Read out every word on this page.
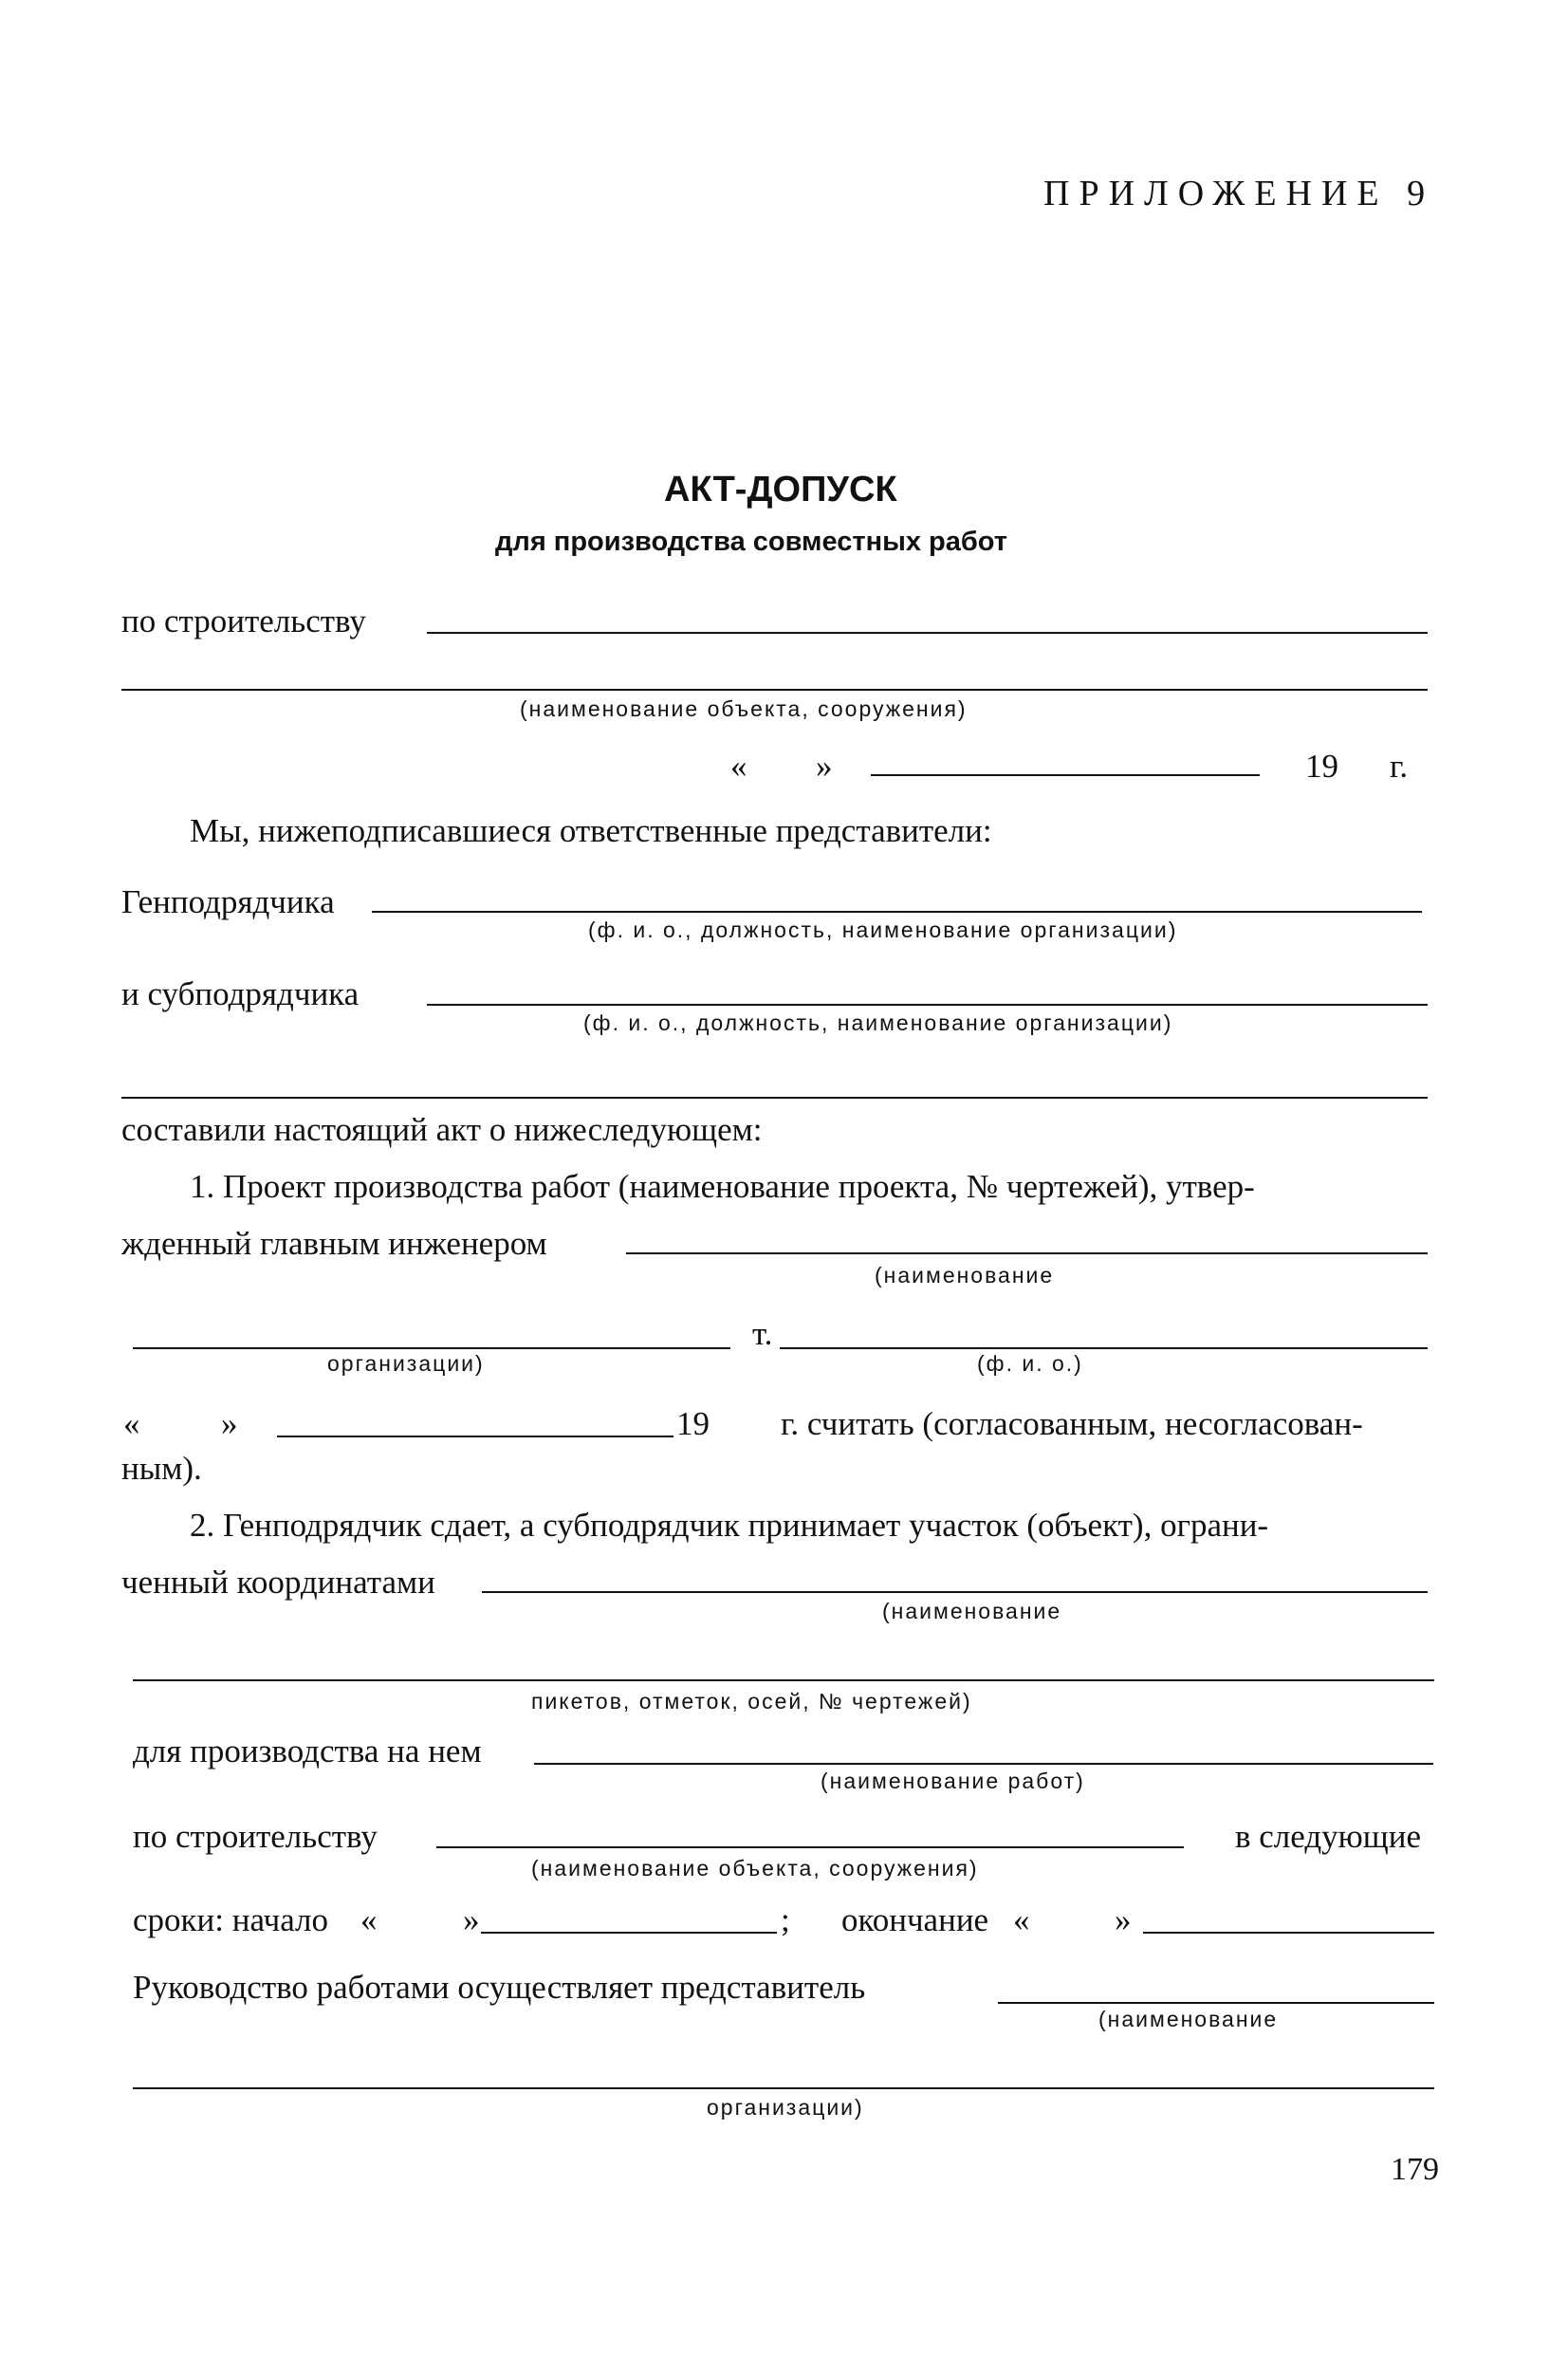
ПРИЛОЖЕНИЕ 9
АКТ-ДОПУСК
для производства совместных работ
по строительству
(наименование объекта, сооружения)
« »	19 г.
Мы, нижеподписавшиеся ответственные представители:
Генподрядчика
(ф. и. о., должность, наименование организации)
и субподрядчика
(ф. и. о., должность, наименование организации)
составили настоящий акт о нижеследующем:
1. Проект производства работ (наименование проекта, № чертежей), утвер-
жденный главным инженером
(наименование
т.
организации)	(ф. и. о.)
« »	19 г. считать (согласованным, несогласован-
ным).
2. Генподрядчик сдает, а субподрядчик принимает участок (объект), ограни-
ченный координатами
(наименование
пикетов, отметок, осей, № чертежей)
для производства на нем
(наименование работ)
по строительству	в следующие
(наименование объекта, сооружения)
сроки: начало «	»	; окончание «	»
Руководство работами осуществляет представитель
(наименование
организации)
179
